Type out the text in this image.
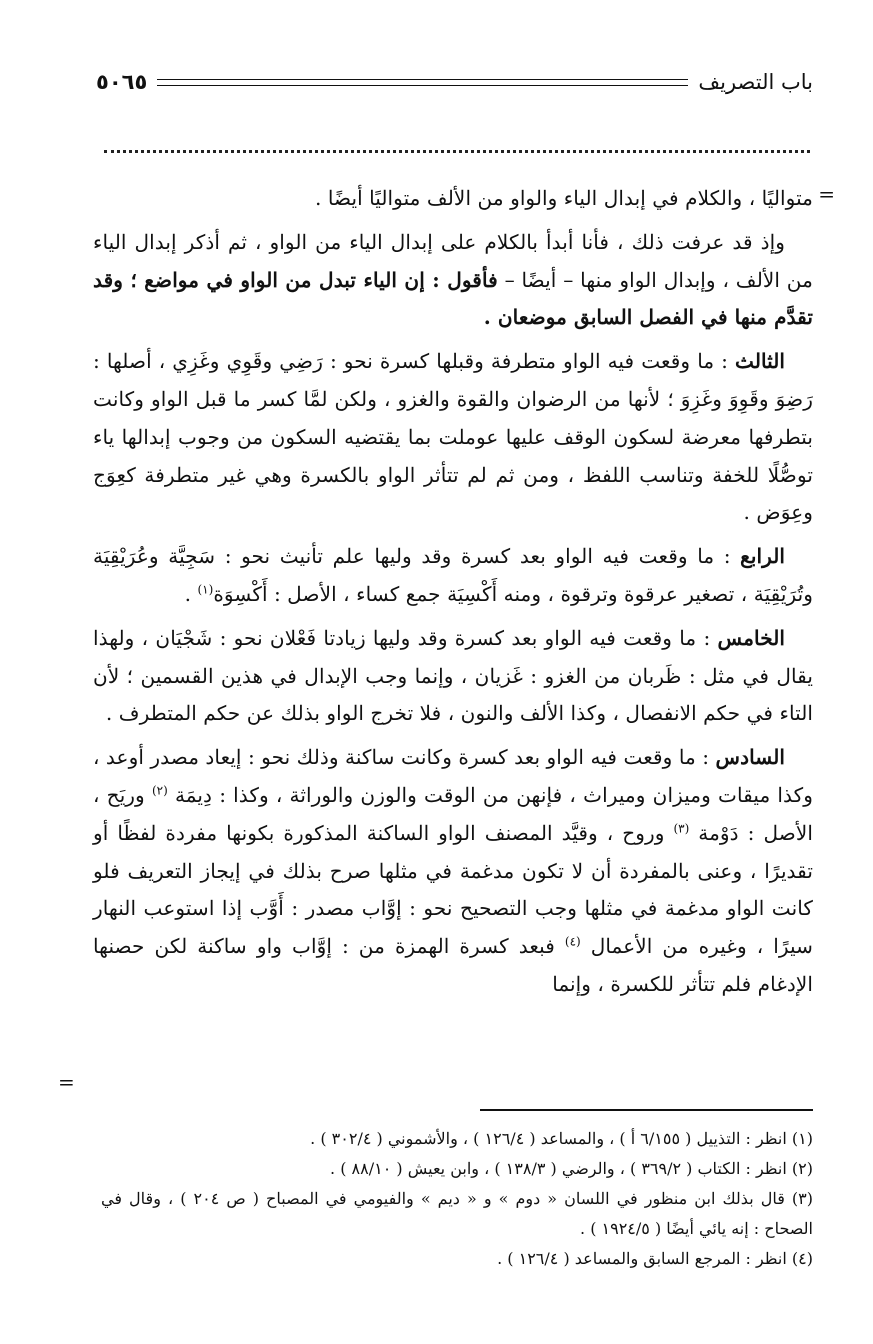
باب التصريف
٥٠٦٥
=

متواليًا ، والكلام في إبدال الياء والواو من الألف متواليًا أيضًا .

وإذ قد عرفت ذلك ، فأنا أبدأ بالكلام على إبدال الياء من الواو ، ثم أذكر إبدال الياء من الألف ، وإبدال الواو منها – أيضًا – فأقول : إن الياء تبدل من الواو في مواضع ؛ وقد تقدَّم منها في الفصل السابق موضعان .

الثالث : ما وقعت فيه الواو متطرفة وقبلها كسرة نحو : رَضِي وقَوِي وغَزِي ، أصلها : رَضِوَ وقَوِوَ وغَزِوَ ؛ لأنها من الرضوان والقوة والغزو ، ولكن لمَّا كسر ما قبل الواو وكانت بتطرفها معرضة لسكون الوقف عليها عوملت بما يقتضيه السكون من وجوب إبدالها ياء توصُّلًا للخفة وتناسب اللفظ ، ومن ثم لم تتأثر الواو بالكسرة وهي غير متطرفة كعِوَج وعِوَض .

الرابع : ما وقعت فيه الواو بعد كسرة وقد وليها علم تأنيث نحو : سَجِيَّة وعُرَيْقِيَة وتُرَيْقِيَة ، تصغير عرقوة وترقوة ، ومنه أَكْسِيَة جمع كساء ، الأصل : أَكْسِوَة$^{(١)}$ .

الخامس : ما وقعت فيه الواو بعد كسرة وقد وليها زيادتا فَعْلان نحو : شَجْيَان ، ولهذا يقال في مثل : ظَربان من الغزو : غَزيان ، وإنما وجب الإبدال في هذين القسمين ؛ لأن التاء في حكم الانفصال ، وكذا الألف والنون ، فلا تخرج الواو بذلك عن حكم المتطرف .

السادس : ما وقعت فيه الواو بعد كسرة وكانت ساكنة وذلك نحو : إيعاد مصدر أوعد ، وكذا ميقات وميزان وميراث ، فإنهن من الوقت والوزن والوراثة ، وكذا : دِيمَة $^{(٢)}$ وريَح ، الأصل : دَوْمة $^{(٣)}$ وروح ، وقيَّد المصنف الواو الساكنة المذكورة بكونها مفردة لفظًا أو تقديرًا ، وعنى بالمفردة أن لا تكون مدغمة في مثلها صرح بذلك في إيجاز التعريف فلو كانت الواو مدغمة في مثلها وجب التصحيح نحو : إوَّاب مصدر : أَوَّب إذا استوعب النهار سيرًا ، وغيره من الأعمال $^{(٤)}$ فبعد كسرة الهمزة من : إوَّاب واو ساكنة لكن حصنها الإدغام فلم تتأثر للكسرة ، وإنما

=

(١) انظر : التذييل ( ٦/١٥٥ أ ) ، والمساعد ( ١٢٦/٤ ) ، والأشموني ( ٣٠٢/٤ ) .

(٢) انظر : الكتاب ( ٣٦٩/٢ ) ، والرضي ( ١٣٨/٣ ) ، وابن يعيش ( ٨٨/١٠ ) .

(٣) قال بذلك ابن منظور في اللسان « دوم » و « ديم » والفيومي في المصباح ( ص ٢٠٤ ) ، وقال في الصحاح : إنه يائي أيضًا ( ١٩٢٤/٥ ) .

(٤) انظر : المرجع السابق والمساعد ( ١٢٦/٤ ) .
